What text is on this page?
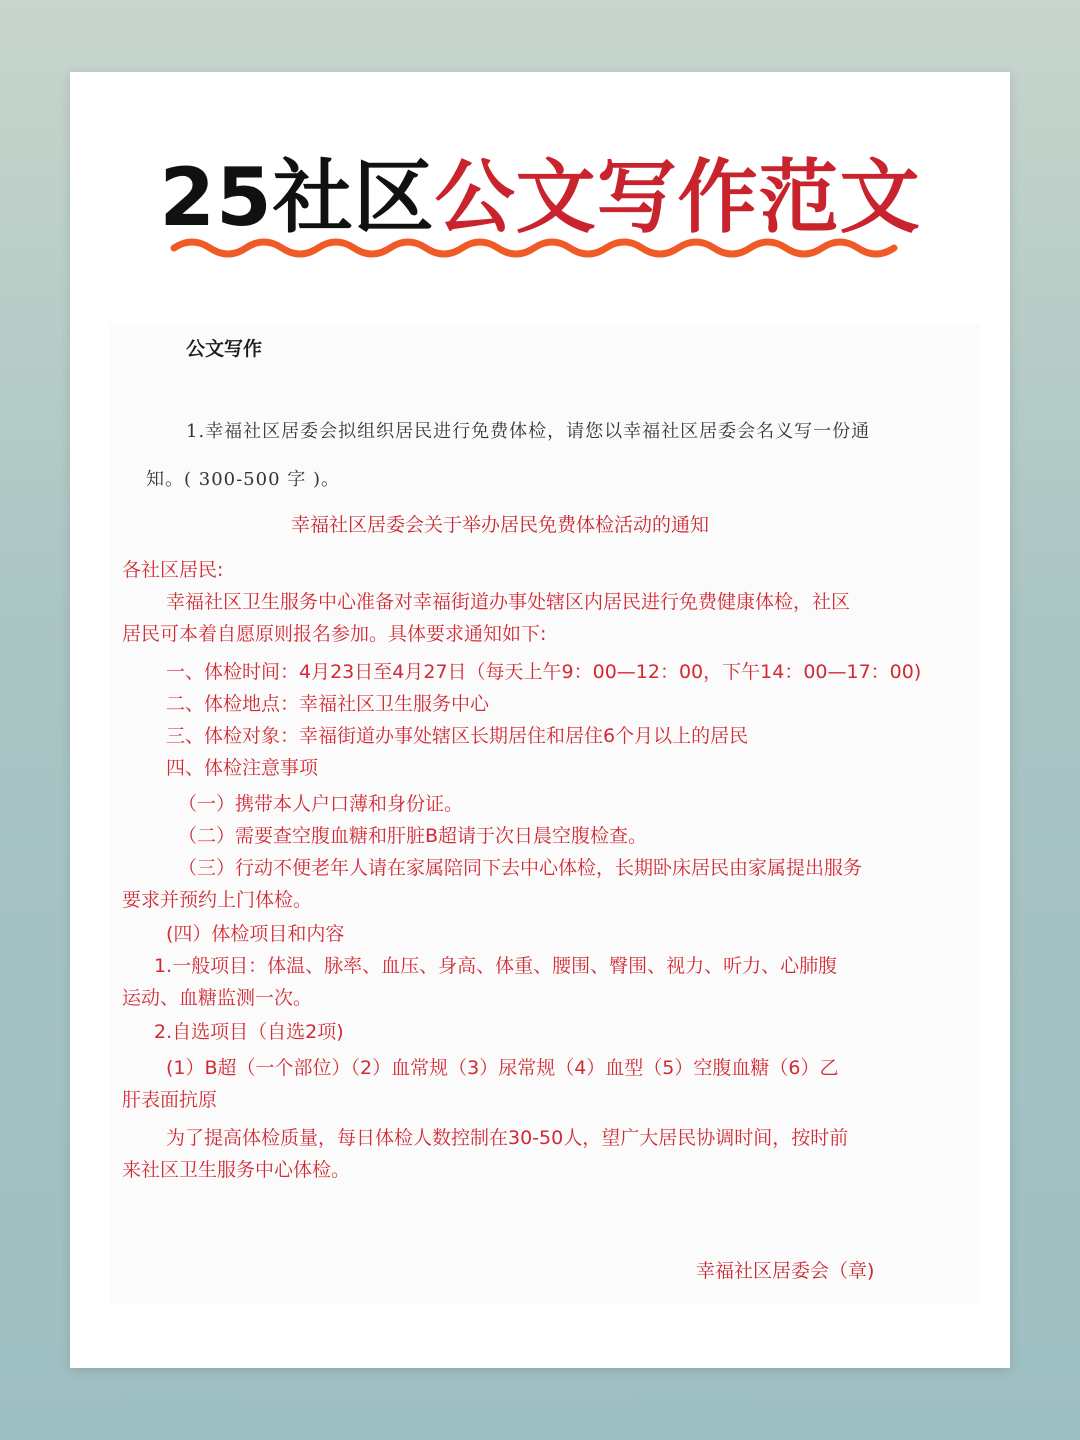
25社区公文写作范文
公文写作
1.幸福社区居委会拟组织居民进行免费体检，请您以幸福社区居委会名义写一份通
知。( 300-500 字 )。
幸福社区居委会关于举办居民免费体检活动的通知

各社区居民:

幸福社区卫生服务中心准备对幸福街道办事处辖区内居民进行免费健康体检，社区

居民可本着自愿原则报名参加。具体要求通知如下:

一、体检时间：4月23日至4月27日（每天上午9：00—12：00，下午14：00—17：00)

二、体检地点：幸福社区卫生服务中心

三、体检对象：幸福街道办事处辖区长期居住和居住6个月以上的居民

四、体检注意事项

（一）携带本人户口薄和身份证。

（二）需要查空腹血糖和肝脏B超请于次日晨空腹检查。

（三）行动不便老年人请在家属陪同下去中心体检，长期卧床居民由家属提出服务

要求并预约上门体检。

(四）体检项目和内容

1.一般项目：体温、脉率、血压、身高、体重、腰围、臀围、视力、听力、心肺腹

运动、血糖监测一次。

2.自选项目（自选2项)

(1）B超（一个部位）（2）血常规（3）尿常规（4）血型（5）空腹血糖（6）乙

肝表面抗原

为了提高体检质量，每日体检人数控制在30-50人，望广大居民协调时间，按时前

来社区卫生服务中心体检。

幸福社区居委会（章)
